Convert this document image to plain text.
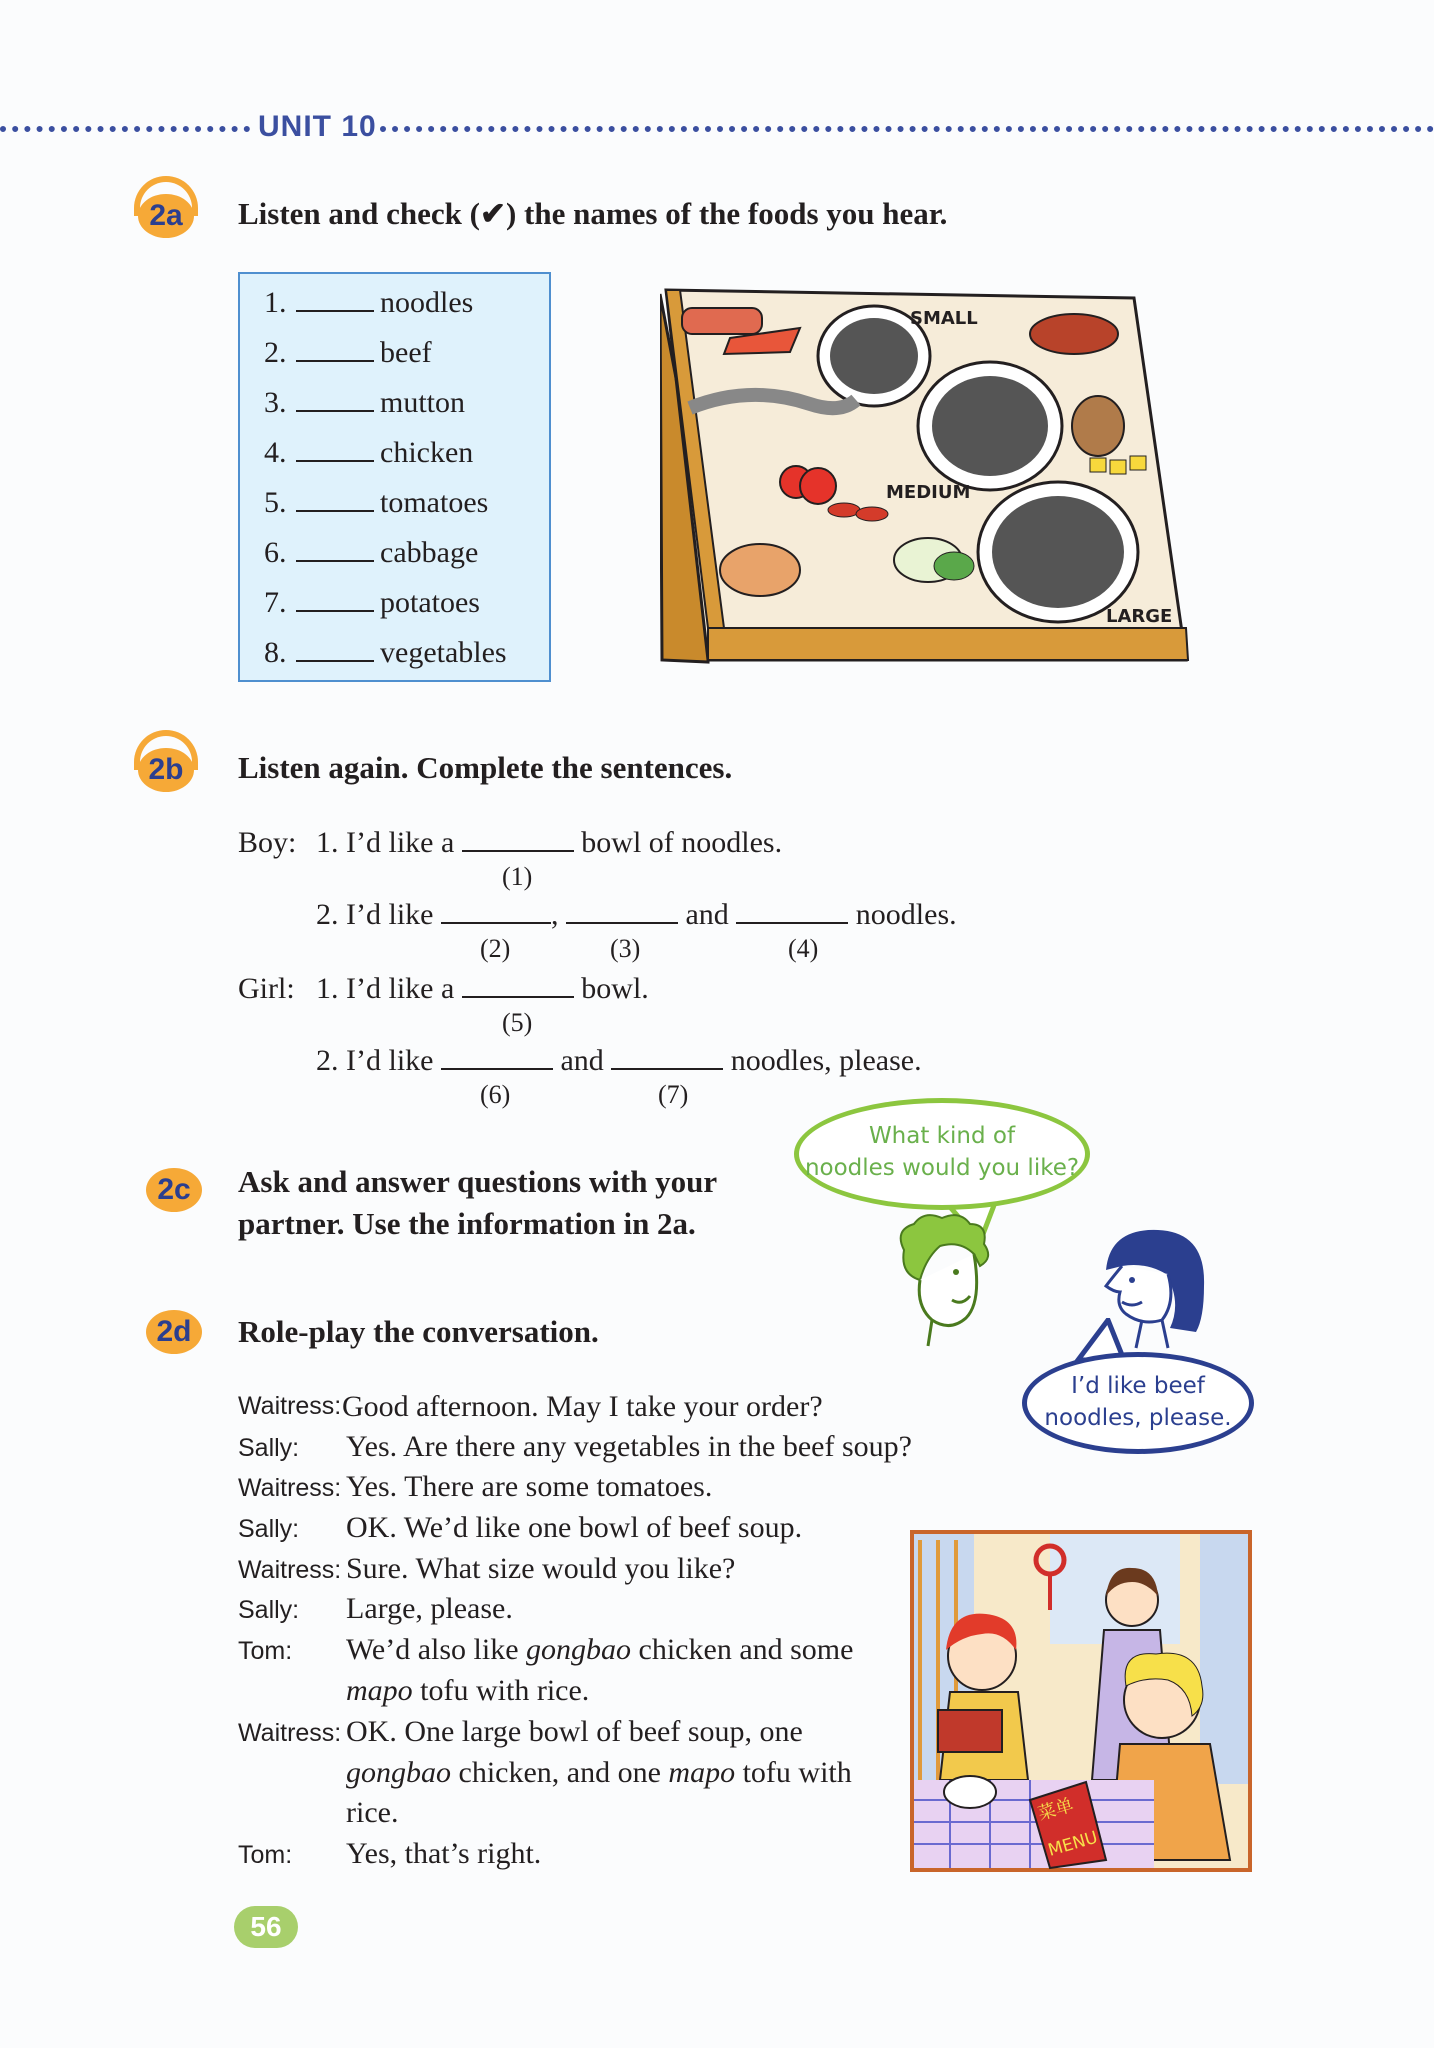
UNIT 10
2a	Listen and check (✔) the names of the foods you hear.
1.	noodles
2.	beef
3.	mutton
4.	chicken
5.	tomatoes
6.	cabbage
7.	potatoes
8.	vegetables
SMALL
MEDIUM
LARGE
2b	Listen again. Complete the sentences.
Boy: 1. I’d like a	bowl of noodles.
(1)
2. I’d like	,	and	noodles.
(2)	(3)	(4)
Girl: 1. I’d like a	bowl.
(5)
2. I’d like	and	noodles, please.
(6)	(7)
2c	Ask and answer questions with your
partner. Use the information in 2a.
What kind of
noodles would you like?
I’d like beef
noodles, please.
2d	Role-play the conversation.
Waitress: Good afternoon. May I take your order?
Sally: Yes. Are there any vegetables in the beef soup?
Waitress: Yes. There are some tomatoes.
Sally: OK. We’d like one bowl of beef soup.
Waitress: Sure. What size would you like?
Sally: Large, please.
Tom: We’d also like gongbao chicken and some
mapo tofu with rice.
Waitress: OK. One large bowl of beef soup, one
gongbao chicken, and one mapo tofu with
rice.
Tom: Yes, that’s right.
菜单
MENU
56
